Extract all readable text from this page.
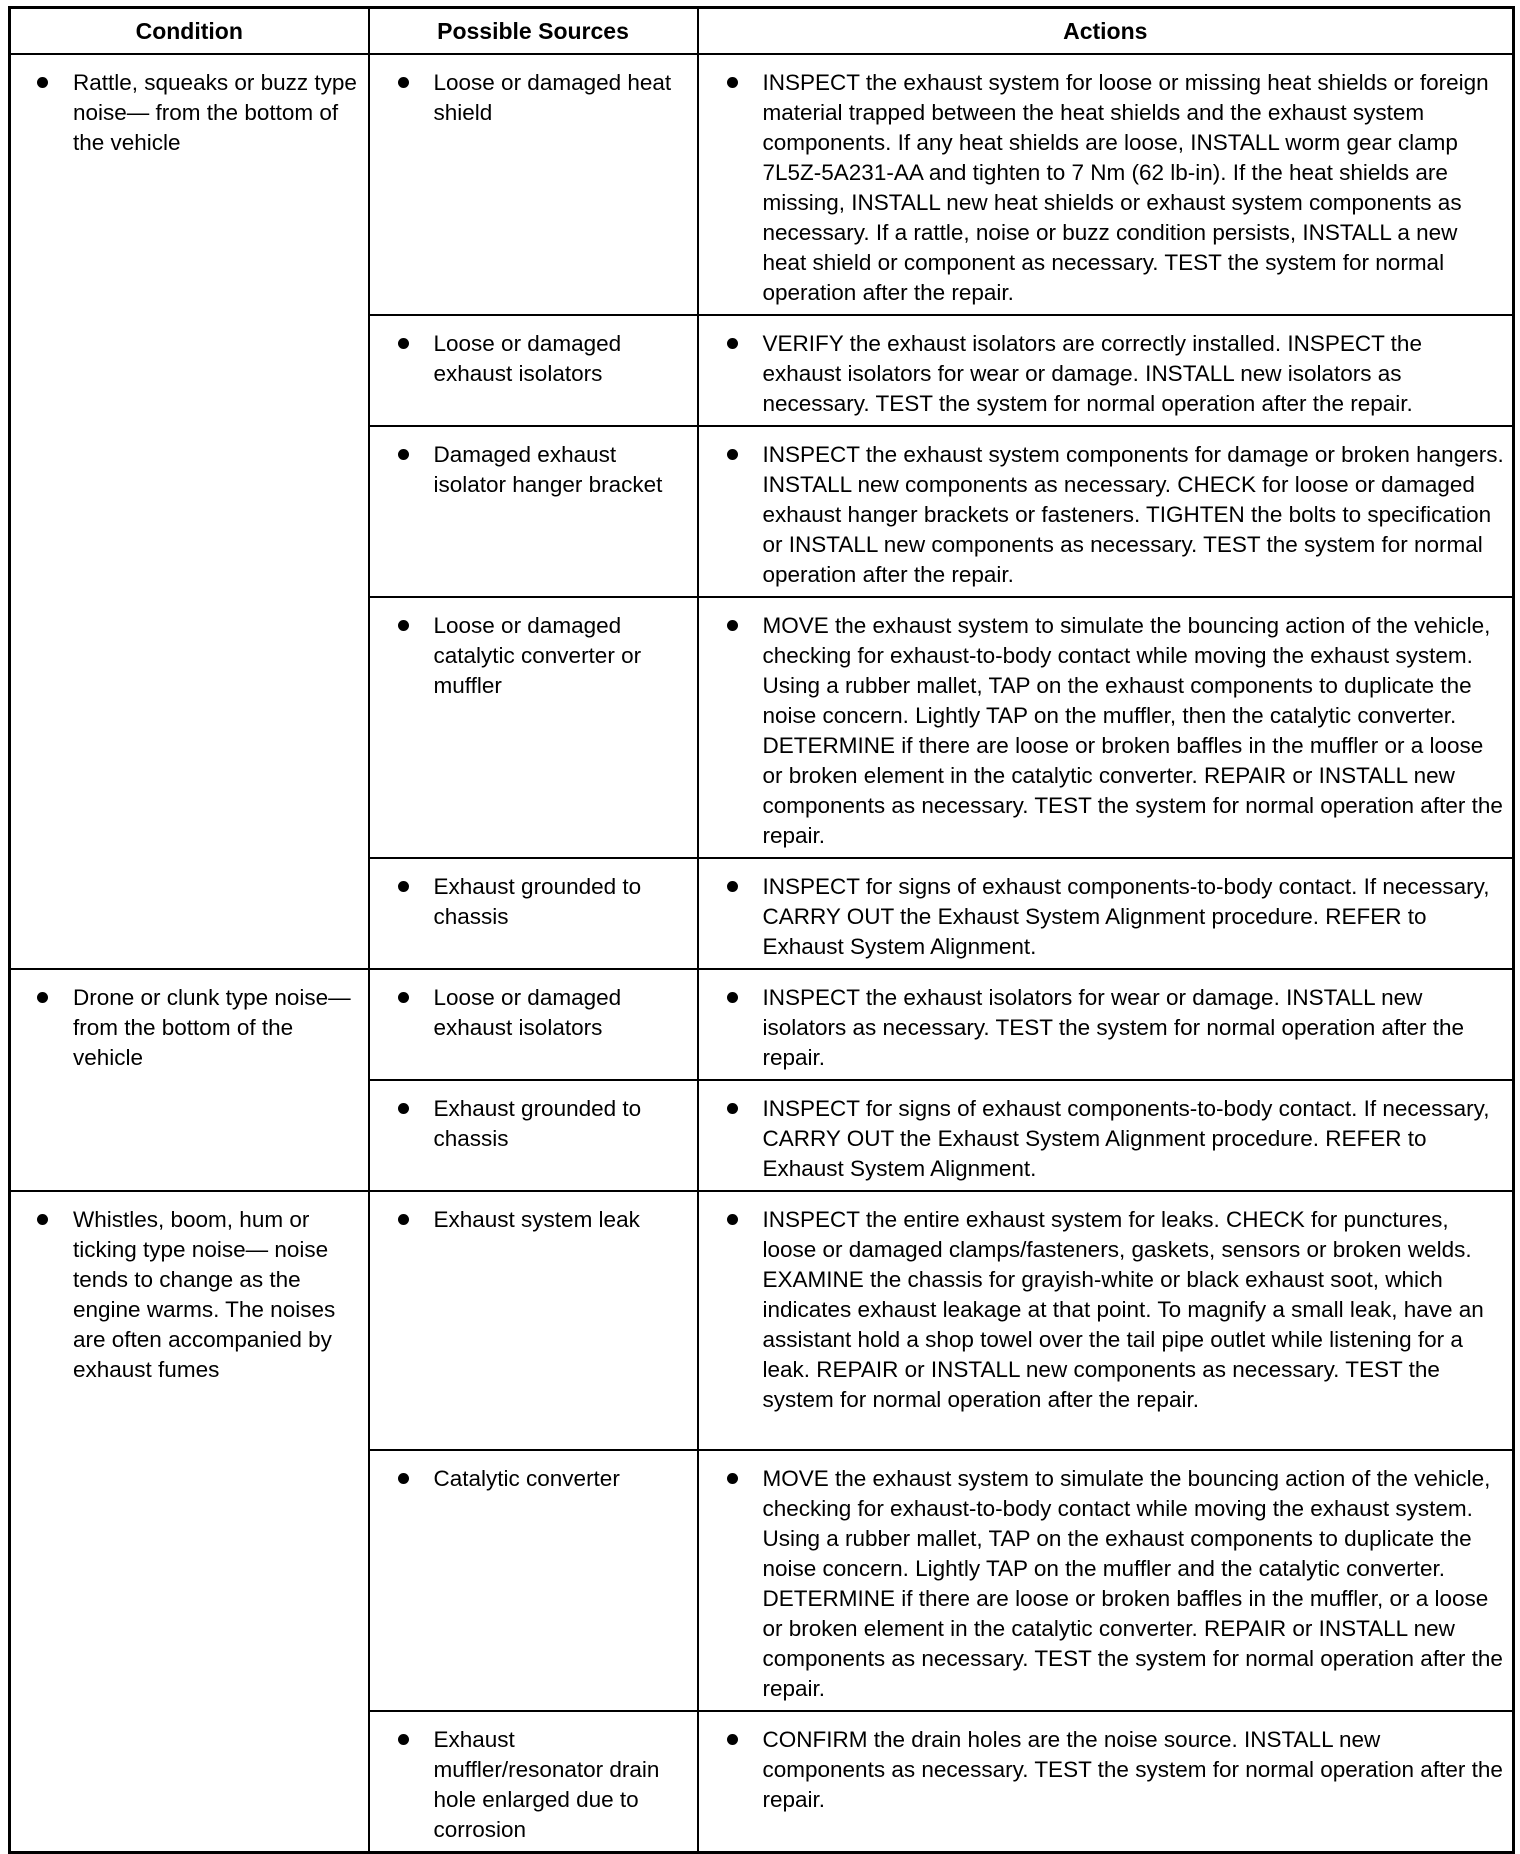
Condition	Possible Sources	Actions

Rattle, squeaks or buzz type noise— from the bottom of the vehicle	Loose or damaged heat shield	INSPECT the exhaust system for loose or missing heat shields or foreign material trapped between the heat shields and the exhaust system components. If any heat shields are loose, INSTALL worm gear clamp 7L5Z-5A231-AA and tighten to 7 Nm (62 lb-in). If the heat shields are missing, INSTALL new heat shields or exhaust system components as necessary. If a rattle, noise or buzz condition persists, INSTALL a new heat shield or component as necessary. TEST the system for normal operation after the repair.

	Loose or damaged exhaust isolators	VERIFY the exhaust isolators are correctly installed. INSPECT the exhaust isolators for wear or damage. INSTALL new isolators as necessary. TEST the system for normal operation after the repair.

	Damaged exhaust isolator hanger bracket	INSPECT the exhaust system components for damage or broken hangers. INSTALL new components as necessary. CHECK for loose or damaged exhaust hanger brackets or fasteners. TIGHTEN the bolts to specification or INSTALL new components as necessary. TEST the system for normal operation after the repair.

	Loose or damaged catalytic converter or muffler	MOVE the exhaust system to simulate the bouncing action of the vehicle, checking for exhaust-to-body contact while moving the exhaust system. Using a rubber mallet, TAP on the exhaust components to duplicate the noise concern. Lightly TAP on the muffler, then the catalytic converter. DETERMINE if there are loose or broken baffles in the muffler or a loose or broken element in the catalytic converter. REPAIR or INSTALL new components as necessary. TEST the system for normal operation after the repair.

	Exhaust grounded to chassis	INSPECT for signs of exhaust components-to-body contact. If necessary, CARRY OUT the Exhaust System Alignment procedure. REFER to Exhaust System Alignment.

Drone or clunk type noise— from the bottom of the vehicle	Loose or damaged exhaust isolators	INSPECT the exhaust isolators for wear or damage. INSTALL new isolators as necessary. TEST the system for normal operation after the repair.

	Exhaust grounded to chassis	INSPECT for signs of exhaust components-to-body contact. If necessary, CARRY OUT the Exhaust System Alignment procedure. REFER to Exhaust System Alignment.

Whistles, boom, hum or ticking type noise— noise tends to change as the engine warms. The noises are often accompanied by exhaust fumes	Exhaust system leak	INSPECT the entire exhaust system for leaks. CHECK for punctures, loose or damaged clamps/fasteners, gaskets, sensors or broken welds. EXAMINE the chassis for grayish-white or black exhaust soot, which indicates exhaust leakage at that point. To magnify a small leak, have an assistant hold a shop towel over the tail pipe outlet while listening for a leak. REPAIR or INSTALL new components as necessary. TEST the system for normal operation after the repair.

	Catalytic converter	MOVE the exhaust system to simulate the bouncing action of the vehicle, checking for exhaust-to-body contact while moving the exhaust system. Using a rubber mallet, TAP on the exhaust components to duplicate the noise concern. Lightly TAP on the muffler and the catalytic converter. DETERMINE if there are loose or broken baffles in the muffler, or a loose or broken element in the catalytic converter. REPAIR or INSTALL new components as necessary. TEST the system for normal operation after the repair.

	Exhaust muffler/resonator drain hole enlarged due to corrosion	CONFIRM the drain holes are the noise source. INSTALL new components as necessary. TEST the system for normal operation after the repair.
